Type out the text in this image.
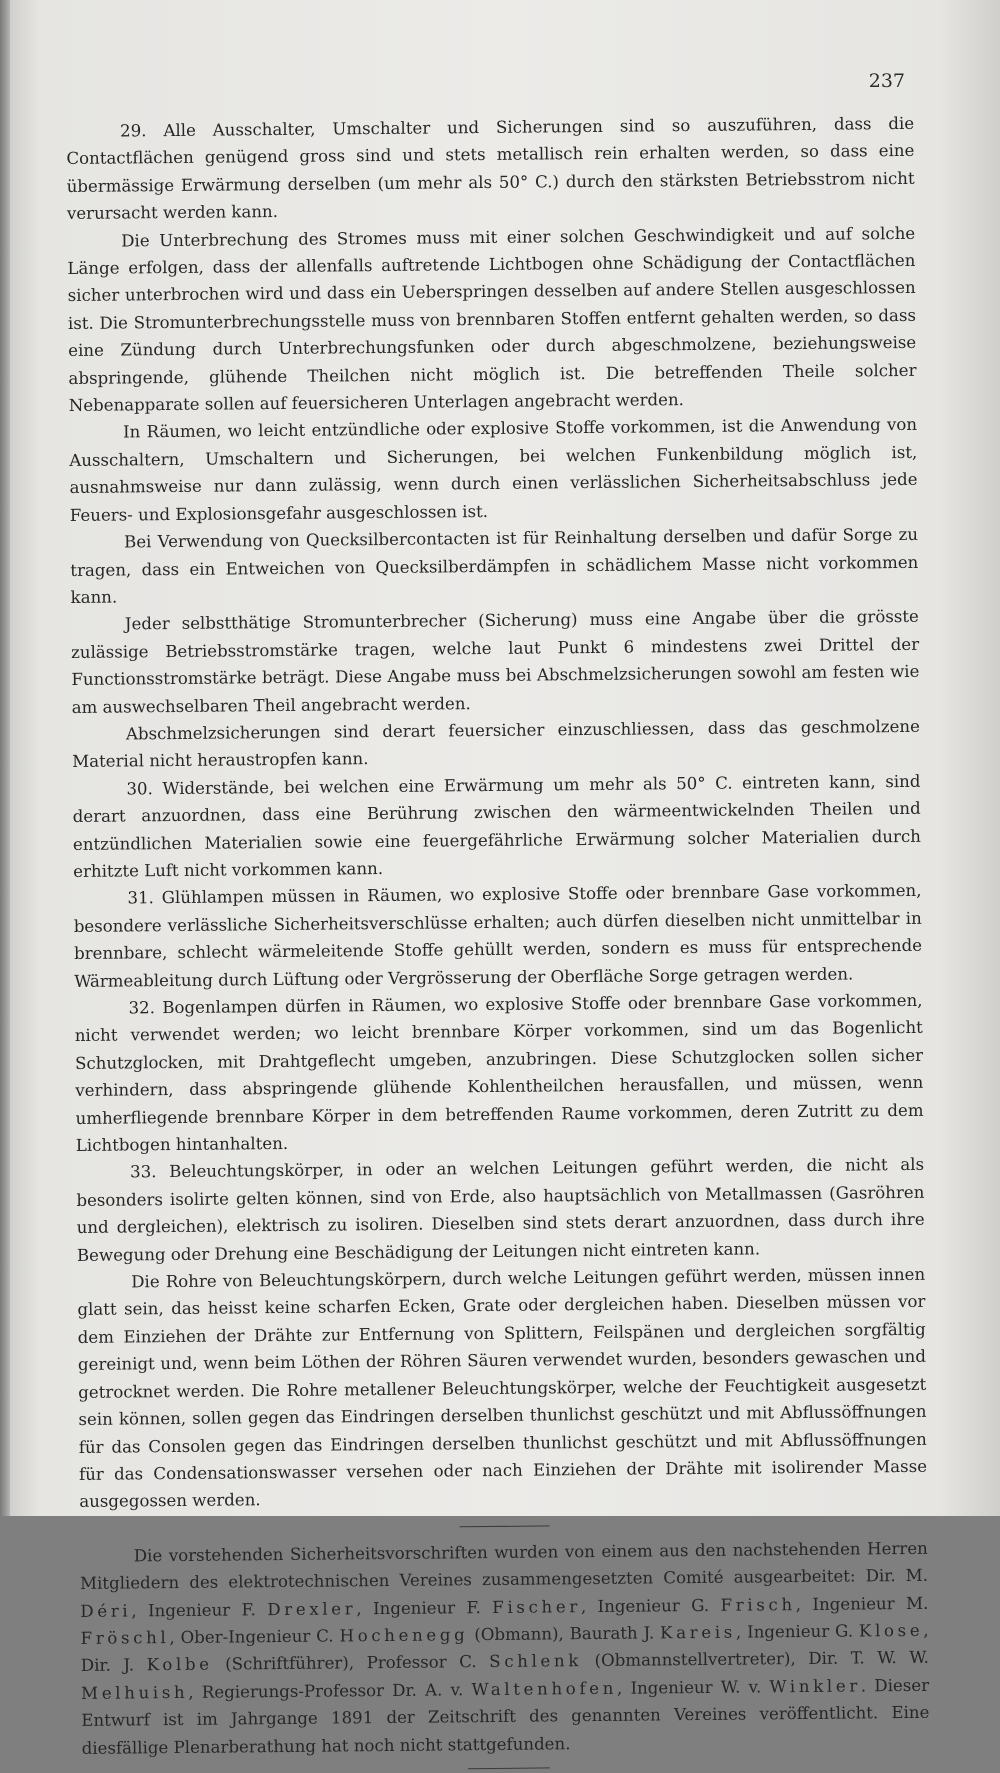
237

29. Alle Ausschalter, Umschalter und Sicherungen sind so auszuführen, dass die Contactflächen genügend gross sind und stets metallisch rein erhalten werden, so dass eine übermässige Erwärmung derselben (um mehr als 50° C.) durch den stärksten Betriebsstrom nicht verursacht werden kann.

Die Unterbrechung des Stromes muss mit einer solchen Geschwindigkeit und auf solche Länge erfolgen, dass der allenfalls auftretende Lichtbogen ohne Schädigung der Contactflächen sicher unterbrochen wird und dass ein Ueberspringen desselben auf andere Stellen ausgeschlossen ist. Die Stromunterbrechungsstelle muss von brennbaren Stoffen entfernt gehalten werden, so dass eine Zündung durch Unterbrechungsfunken oder durch abgeschmolzene, beziehungsweise abspringende, glühende Theilchen nicht möglich ist. Die betreffenden Theile solcher Nebenapparate sollen auf feuersicheren Unterlagen angebracht werden.

In Räumen, wo leicht entzündliche oder explosive Stoffe vorkommen, ist die Anwendung von Ausschaltern, Umschaltern und Sicherungen, bei welchen Funkenbildung möglich ist, ausnahmsweise nur dann zulässig, wenn durch einen verlässlichen Sicherheitsabschluss jede Feuers- und Explosionsgefahr ausgeschlossen ist.

Bei Verwendung von Quecksilbercontacten ist für Reinhaltung derselben und dafür Sorge zu tragen, dass ein Entweichen von Quecksilberdämpfen in schädlichem Masse nicht vorkommen kann.

Jeder selbstthätige Stromunterbrecher (Sicherung) muss eine Angabe über die grösste zulässige Betriebsstromstärke tragen, welche laut Punkt 6 mindestens zwei Drittel der Functionsstromstärke beträgt. Diese Angabe muss bei Abschmelzsicherungen sowohl am festen wie am auswechselbaren Theil angebracht werden.

Abschmelzsicherungen sind derart feuersicher einzuschliessen, dass das geschmolzene Material nicht heraustropfen kann.

30. Widerstände, bei welchen eine Erwärmung um mehr als 50° C. eintreten kann, sind derart anzuordnen, dass eine Berührung zwischen den wärmeentwickelnden Theilen und entzündlichen Materialien sowie eine feuergefährliche Erwärmung solcher Materialien durch erhitzte Luft nicht vorkommen kann.

31. Glühlampen müssen in Räumen, wo explosive Stoffe oder brennbare Gase vorkommen, besondere verlässliche Sicherheitsverschlüsse erhalten; auch dürfen dieselben nicht unmittelbar in brennbare, schlecht wärmeleitende Stoffe gehüllt werden, sondern es muss für entsprechende Wärmeableitung durch Lüftung oder Vergrösserung der Oberfläche Sorge getragen werden.

32. Bogenlampen dürfen in Räumen, wo explosive Stoffe oder brennbare Gase vorkommen, nicht verwendet werden; wo leicht brennbare Körper vorkommen, sind um das Bogenlicht Schutzglocken, mit Drahtgeflecht umgeben, anzubringen. Diese Schutzglocken sollen sicher verhindern, dass abspringende glühende Kohlentheilchen herausfallen, und müssen, wenn umherfliegende brennbare Körper in dem betreffenden Raume vorkommen, deren Zutritt zu dem Lichtbogen hintanhalten.

33. Beleuchtungskörper, in oder an welchen Leitungen geführt werden, die nicht als besonders isolirte gelten können, sind von Erde, also hauptsächlich von Metallmassen (Gasröhren und dergleichen), elektrisch zu isoliren. Dieselben sind stets derart anzuordnen, dass durch ihre Bewegung oder Drehung eine Beschädigung der Leitungen nicht eintreten kann.

Die Rohre von Beleuchtungskörpern, durch welche Leitungen geführt werden, müssen innen glatt sein, das heisst keine scharfen Ecken, Grate oder dergleichen haben. Dieselben müssen vor dem Einziehen der Drähte zur Entfernung von Splittern, Feilspänen und dergleichen sorgfältig gereinigt und, wenn beim Löthen der Röhren Säuren verwendet wurden, besonders gewaschen und getrocknet werden. Die Rohre metallener Beleuchtungskörper, welche der Feuchtigkeit ausgesetzt sein können, sollen gegen das Eindringen derselben thunlichst geschützt und mit Abflussöffnungen für das Consolen gegen das Eindringen derselben thunlichst geschützt und mit Abflussöffnungen für das Condensationswasser versehen oder nach Einziehen der Drähte mit isolirender Masse ausgegossen werden.

Die vorstehenden Sicherheitsvorschriften wurden von einem aus den nachstehenden Herren Mitgliedern des elektrotechnischen Vereines zusammengesetzten Comité ausgearbeitet: Dir. M. Déri, Ingenieur F. Drexler, Ingenieur F. Fischer, Ingenieur G. Frisch, Ingenieur M. Fröschl, Ober-Ingenieur C. Hochenegg (Obmann), Baurath J. Kareis, Ingenieur G. Klose, Dir. J. Kolbe (Schriftführer), Professor C. Schlenk (Obmannstellvertreter), Dir. T. W. W. Melhuish, Regierungs-Professor Dr. A. v. Waltenhofen, Ingenieur W. v. Winkler. Dieser Entwurf ist im Jahrgange 1891 der Zeitschrift des genannten Vereines veröffentlicht. Eine diesfällige Plenarberathung hat noch nicht stattgefunden.
